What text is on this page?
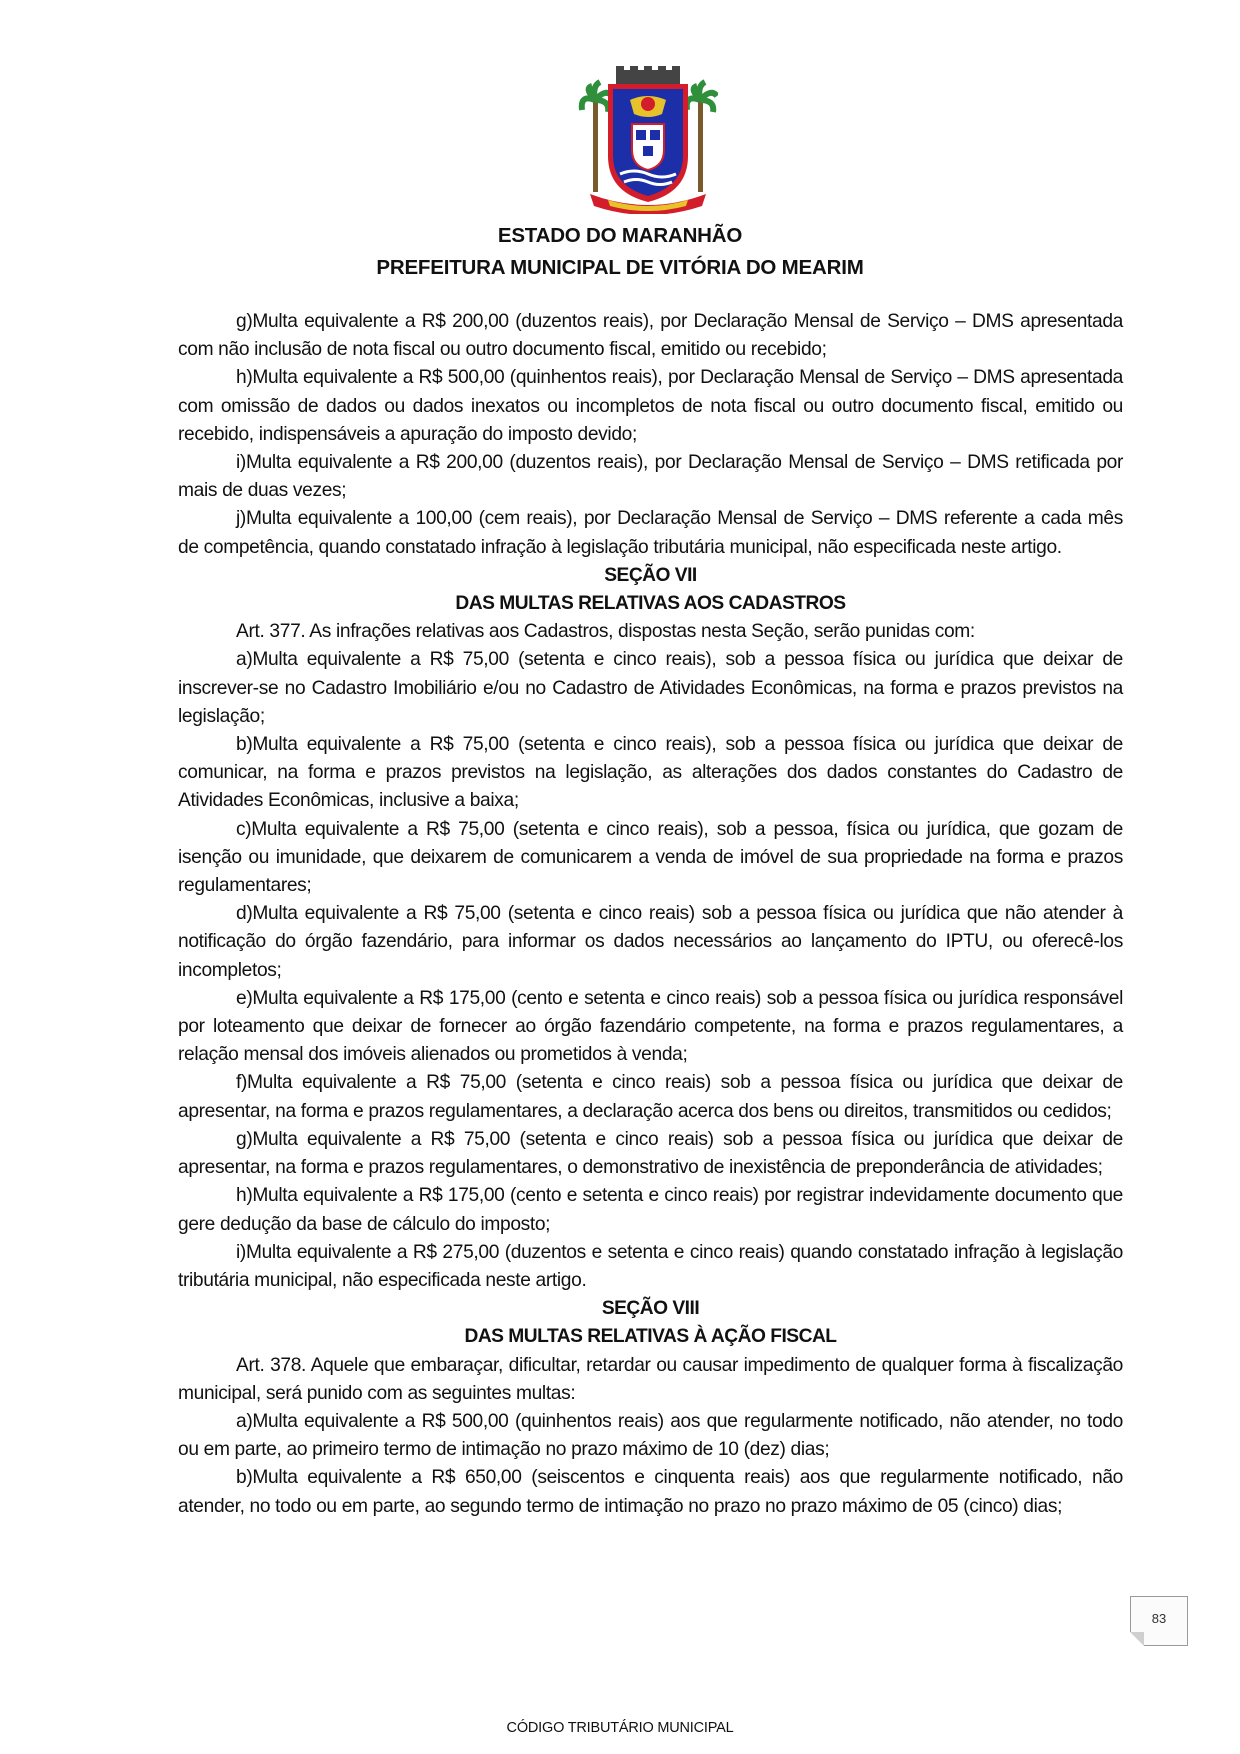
ESTADO DO MARANHÃO
PREFEITURA MUNICIPAL DE VITÓRIA DO MEARIM

g)Multa equivalente a R$ 200,00 (duzentos reais), por Declaração Mensal de Serviço – DMS apresentada com não inclusão de nota fiscal ou outro documento fiscal, emitido ou recebido;

h)Multa equivalente a R$ 500,00 (quinhentos reais), por Declaração Mensal de Serviço – DMS apresentada com omissão de dados ou dados inexatos ou incompletos de nota fiscal ou outro documento fiscal, emitido ou recebido, indispensáveis a apuração do imposto devido;

i)Multa equivalente a R$ 200,00 (duzentos reais), por Declaração Mensal de Serviço – DMS retificada por mais de duas vezes;

j)Multa equivalente a 100,00 (cem reais), por Declaração Mensal de Serviço – DMS referente a cada mês de competência, quando constatado infração à legislação tributária municipal, não especificada neste artigo.

SEÇÃO VII

DAS MULTAS RELATIVAS AOS CADASTROS

Art. 377. As infrações relativas aos Cadastros, dispostas nesta Seção, serão punidas com:

a)Multa equivalente a R$ 75,00 (setenta e cinco reais), sob a pessoa física ou jurídica que deixar de inscrever-se no Cadastro Imobiliário e/ou no Cadastro de Atividades Econômicas, na forma e prazos previstos na legislação;

b)Multa equivalente a R$ 75,00 (setenta e cinco reais), sob a pessoa física ou jurídica que deixar de comunicar, na forma e prazos previstos na legislação, as alterações dos dados constantes do Cadastro de Atividades Econômicas, inclusive a baixa;

c)Multa equivalente a R$ 75,00 (setenta e cinco reais), sob a pessoa, física ou jurídica, que gozam de isenção ou imunidade, que deixarem de comunicarem a venda de imóvel de sua propriedade na forma e prazos regulamentares;

d)Multa equivalente a R$ 75,00 (setenta e cinco reais) sob a pessoa física ou jurídica que não atender à notificação do órgão fazendário, para informar os dados necessários ao lançamento do IPTU, ou oferecê-los incompletos;

e)Multa equivalente a R$ 175,00 (cento e setenta e cinco reais) sob a pessoa física ou jurídica responsável por loteamento que deixar de fornecer ao órgão fazendário competente, na forma e prazos regulamentares, a relação mensal dos imóveis alienados ou prometidos à venda;

f)Multa equivalente a R$ 75,00 (setenta e cinco reais) sob a pessoa física ou jurídica que deixar de apresentar, na forma e prazos regulamentares, a declaração acerca dos bens ou direitos, transmitidos ou cedidos;

g)Multa equivalente a R$ 75,00 (setenta e cinco reais) sob a pessoa física ou jurídica que deixar de apresentar, na forma e prazos regulamentares, o demonstrativo de inexistência de preponderância de atividades;

h)Multa equivalente a R$ 175,00 (cento e setenta e cinco reais) por registrar indevidamente documento que gere dedução da base de cálculo do imposto;

i)Multa equivalente a R$ 275,00 (duzentos e setenta e cinco reais) quando constatado infração à legislação tributária municipal, não especificada neste artigo.

SEÇÃO VIII

DAS MULTAS RELATIVAS À AÇÃO FISCAL

Art. 378. Aquele que embaraçar, dificultar, retardar ou causar impedimento de qualquer forma à fiscalização municipal, será punido com as seguintes multas:

a)Multa equivalente a R$ 500,00 (quinhentos reais) aos que regularmente notificado, não atender, no todo ou em parte, ao primeiro termo de intimação no prazo máximo de 10 (dez) dias;

b)Multa equivalente a R$ 650,00 (seiscentos e cinquenta reais) aos que regularmente notificado, não atender, no todo ou em parte, ao segundo termo de intimação no prazo no prazo máximo de 05 (cinco) dias;

83
CÓDIGO TRIBUTÁRIO MUNICIPAL
